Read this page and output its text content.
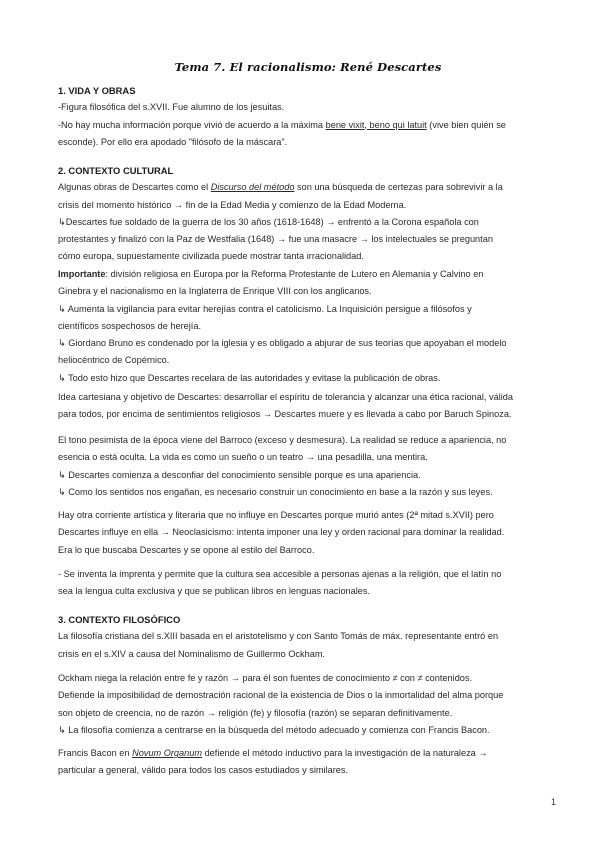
Tema 7. El racionalismo: René Descartes
1. VIDA Y OBRAS
-Figura filosófica del s.XVII. Fue alumno de los jesuitas.
-No hay mucha información porque vivió de acuerdo a la máxima bene vixit, beno qui latuit (vive bien quién se
esconde). Por ello era apodado "filósofo de la máscara".
2. CONTEXTO CULTURAL
Algunas obras de Descartes como el Discurso del método son una búsqueda de certezas para sobrevivir a la
crisis del momento histórico → fin de la Edad Media y comienzo de la Edad Moderna.
↳Descartes fue soldado de la guerra de los 30 años (1618-1648) → enfrentó a la Corona española con
protestantes y finalizó con la Paz de Westfalia (1648) → fue una masacre → los intelectuales se preguntan
cómo europa, supuestamente civilizada puede mostrar tanta irracionalidad.
Importante: división religiosa en Europa por la Reforma Protestante de Lutero en Alemania y Calvino en
Ginebra y el nacionalismo en la Inglaterra de Enrique VIII con los anglicanos.
↳ Aumenta la vigilancia para evitar herejías contra el catolicismo. La Inquisición persigue a filósofos y
científicos sospechosos de herejía.
↳ Giordano Bruno es condenado por la iglesia y es obligado a abjurar de sus teorías que apoyaban el modelo
heliocéntrico de Copérnico.
↳ Todo esto hizo que Descartes recelara de las autoridades y evitase la publicación de obras.
Idea cartesiana y objetivo de Descartes: desarrollar el espíritu de tolerancia y alcanzar una ética racional, válida
para todos, por encima de sentimientos religiosos → Descartes muere y es llevada a cabo por Baruch Spinoza.
El tono pesimista de la época viene del Barroco (exceso y desmesura). La realidad se reduce a apariencia, no
esencia o está oculta. La vida es como un sueño o un teatro → una pesadilla, una mentira.
↳ Descartes comienza a desconfiar del conocimiento sensible porque es una apariencia.
↳ Como los sentidos nos engañan, es necesario construir un conocimiento en base a la razón y sus leyes.
Hay otra corriente artística y literaria que no influye en Descartes porque murió antes (2ª mitad s.XVII) pero
Descartes influye en ella → Neoclasicismo: intenta imponer una ley y orden racional para dominar la realidad.
Era lo que buscaba Descartes y se opone al estilo del Barroco.
- Se inventa la imprenta y permite que la cultura sea accesible a personas ajenas a la religión, que el latín no
sea la lengua culta exclusiva y que se publican libros en lenguas nacionales.
3. CONTEXTO FILOSÓFICO
La filosofía cristiana del s.XIII basada en el aristotelismo y con Santo Tomás de máx. representante entró en
crisis en el s.XIV a causa del Nominalismo de Guillermo Ockham.
Ockham niega la relación entre fe y razón → para él son fuentes de conocimiento ≠ con ≠ contenidos.
Defiende la imposibilidad de demostración racional de la existencia de Dios o la inmortalidad del alma porque
son objeto de creencia, no de razón → religión (fe) y filosofía (razón) se separan definitivamente.
↳ La filosofía comienza a centrarse en la búsqueda del método adecuado y comienza con Francis Bacon.
Francis Bacon en Novum Organum defiende el método inductivo para la investigación de la naturaleza →
particular a general, válido para todos los casos estudiados y similares.
1
